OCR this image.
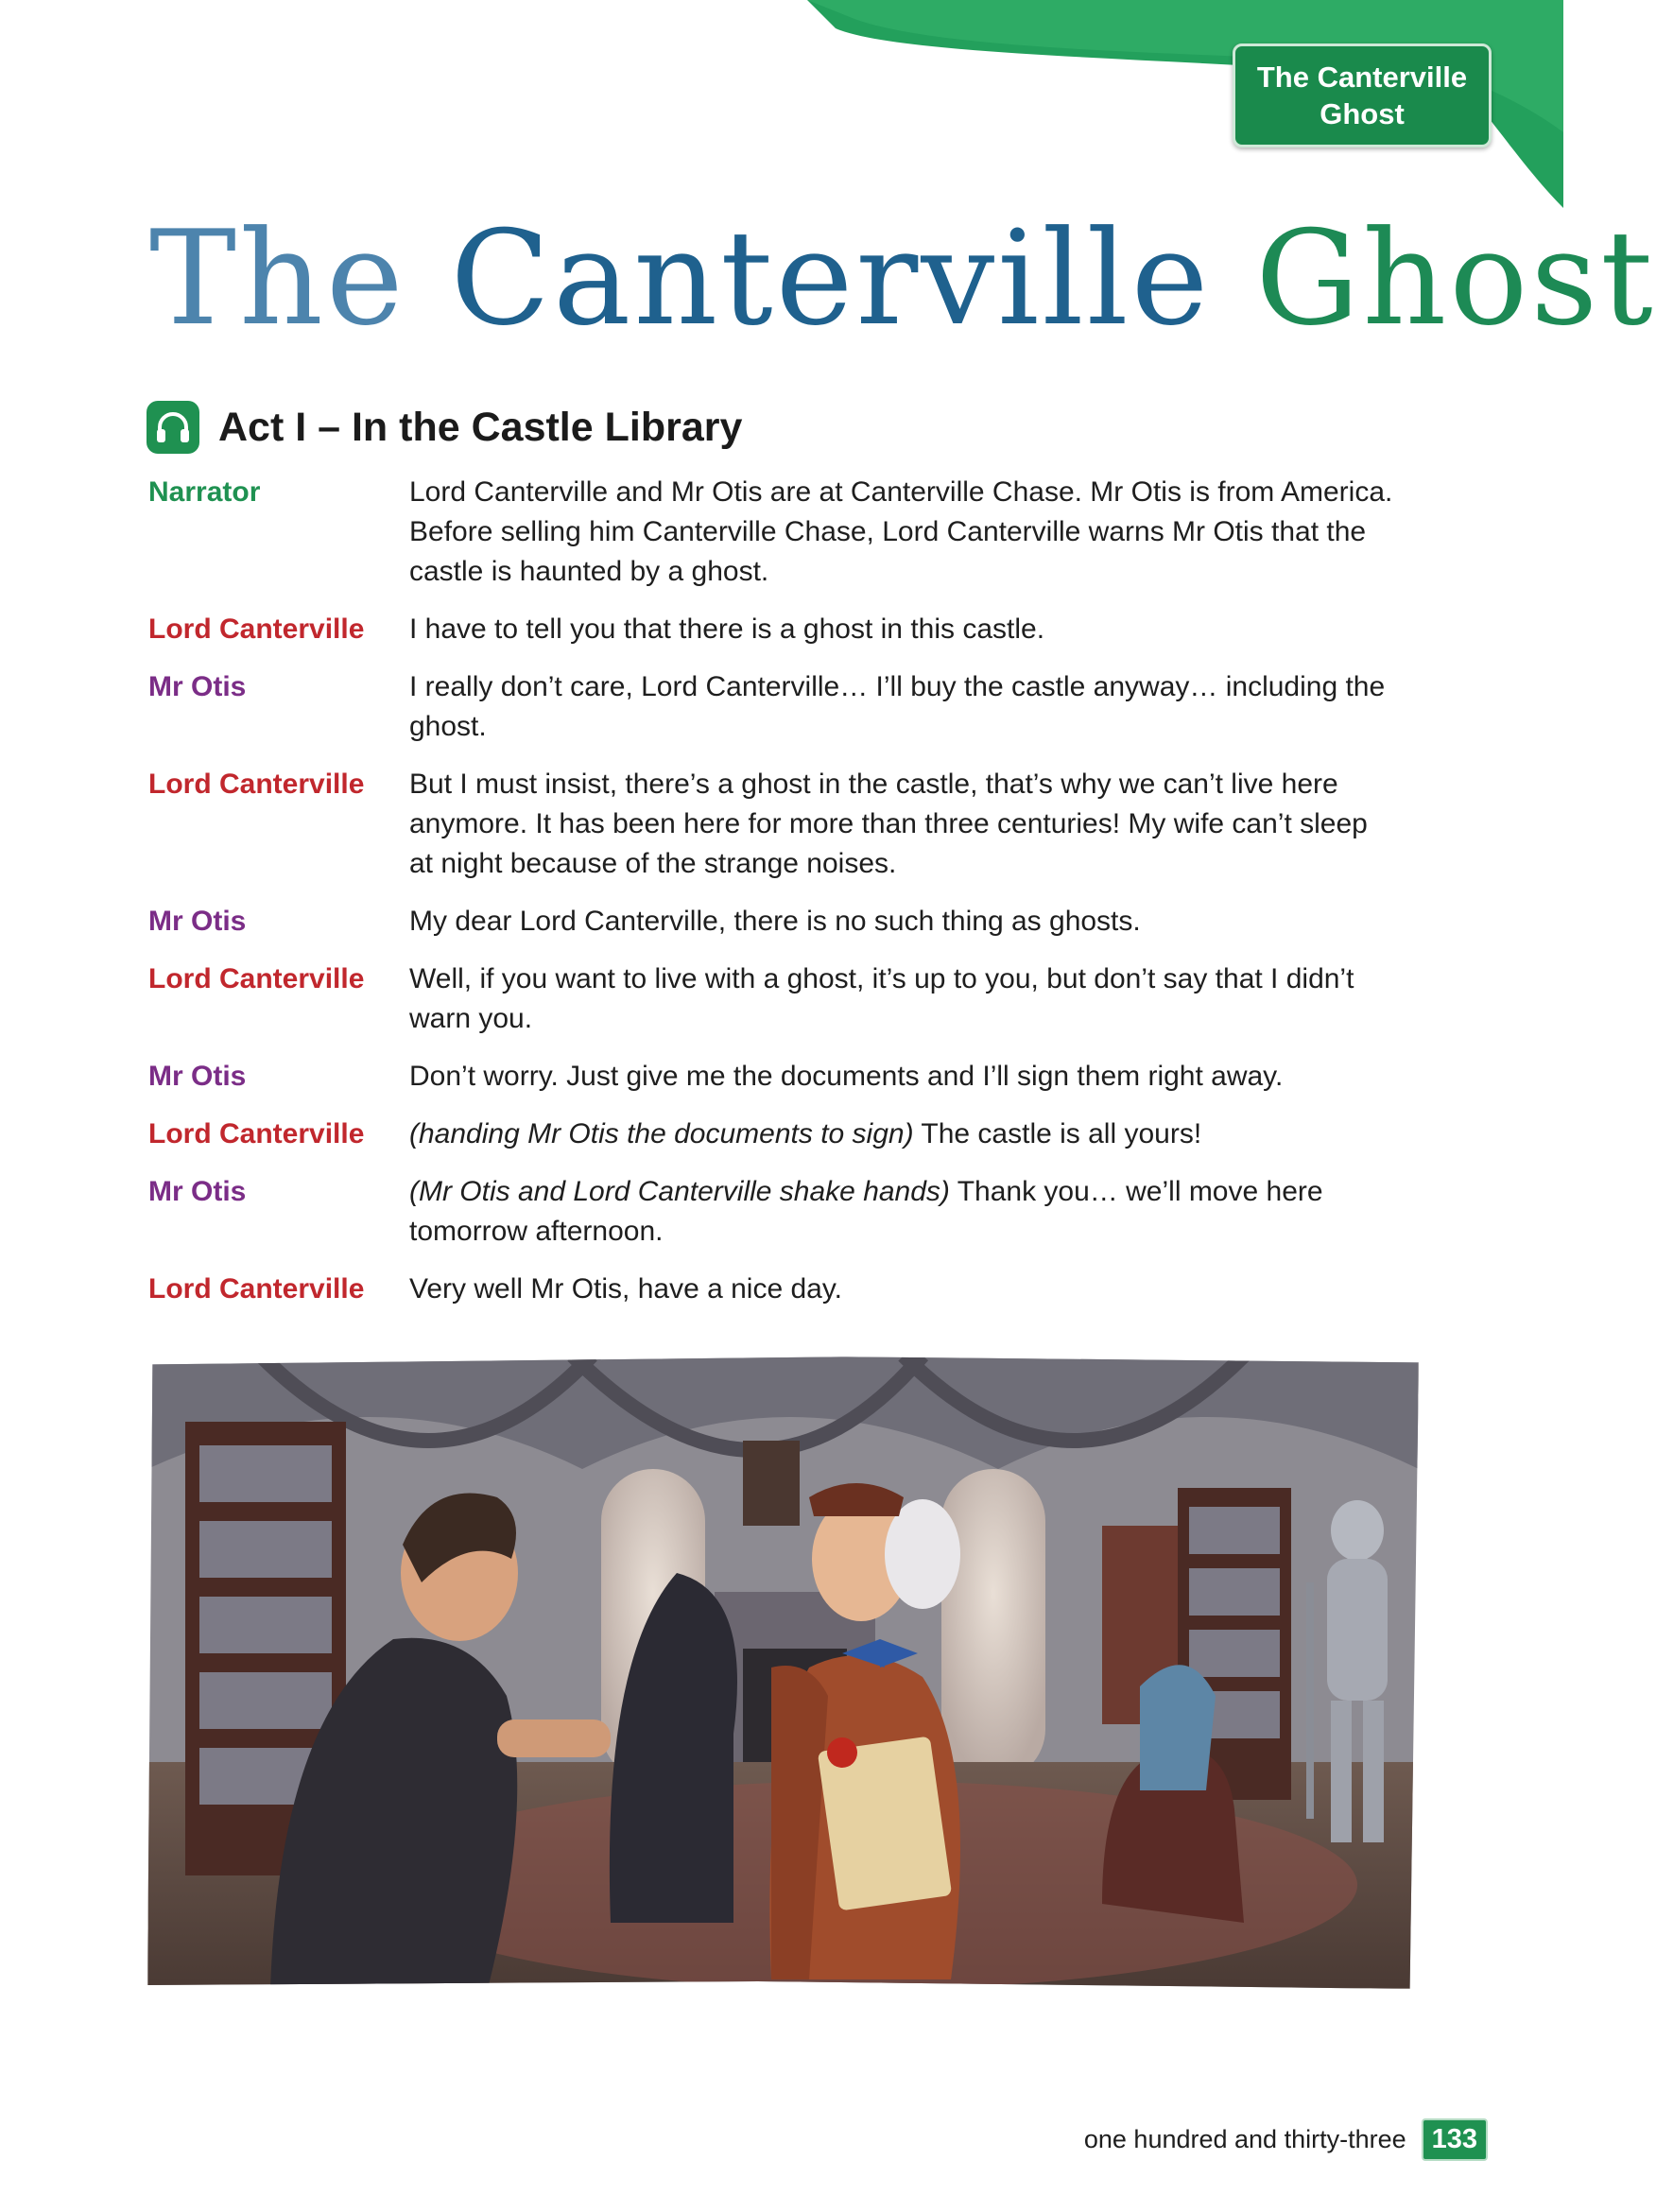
The Canterville
Ghost
The Canterville Ghost
Act I – In the Castle Library
Narrator	Lord Canterville and Mr Otis are at Canterville Chase. Mr Otis is from America. Before selling him Canterville Chase, Lord Canterville warns Mr Otis that the castle is haunted by a ghost.
Lord Canterville	I have to tell you that there is a ghost in this castle.
Mr Otis	I really don’t care, Lord Canterville… I’ll buy the castle anyway… including the ghost.
Lord Canterville	But I must insist, there’s a ghost in the castle, that’s why we can’t live here anymore. It has been here for more than three centuries! My wife can’t sleep at night because of the strange noises.
Mr Otis	My dear Lord Canterville, there is no such thing as ghosts.
Lord Canterville	Well, if you want to live with a ghost, it’s up to you, but don’t say that I didn’t warn you.
Mr Otis	Don’t worry. Just give me the documents and I’ll sign them right away.
Lord Canterville	(handing Mr Otis the documents to sign) The castle is all yours!
Mr Otis	(Mr Otis and Lord Canterville shake hands) Thank you… we’ll move here tomorrow afternoon.
Lord Canterville	Very well Mr Otis, have a nice day.
one hundred and thirty-three 133
